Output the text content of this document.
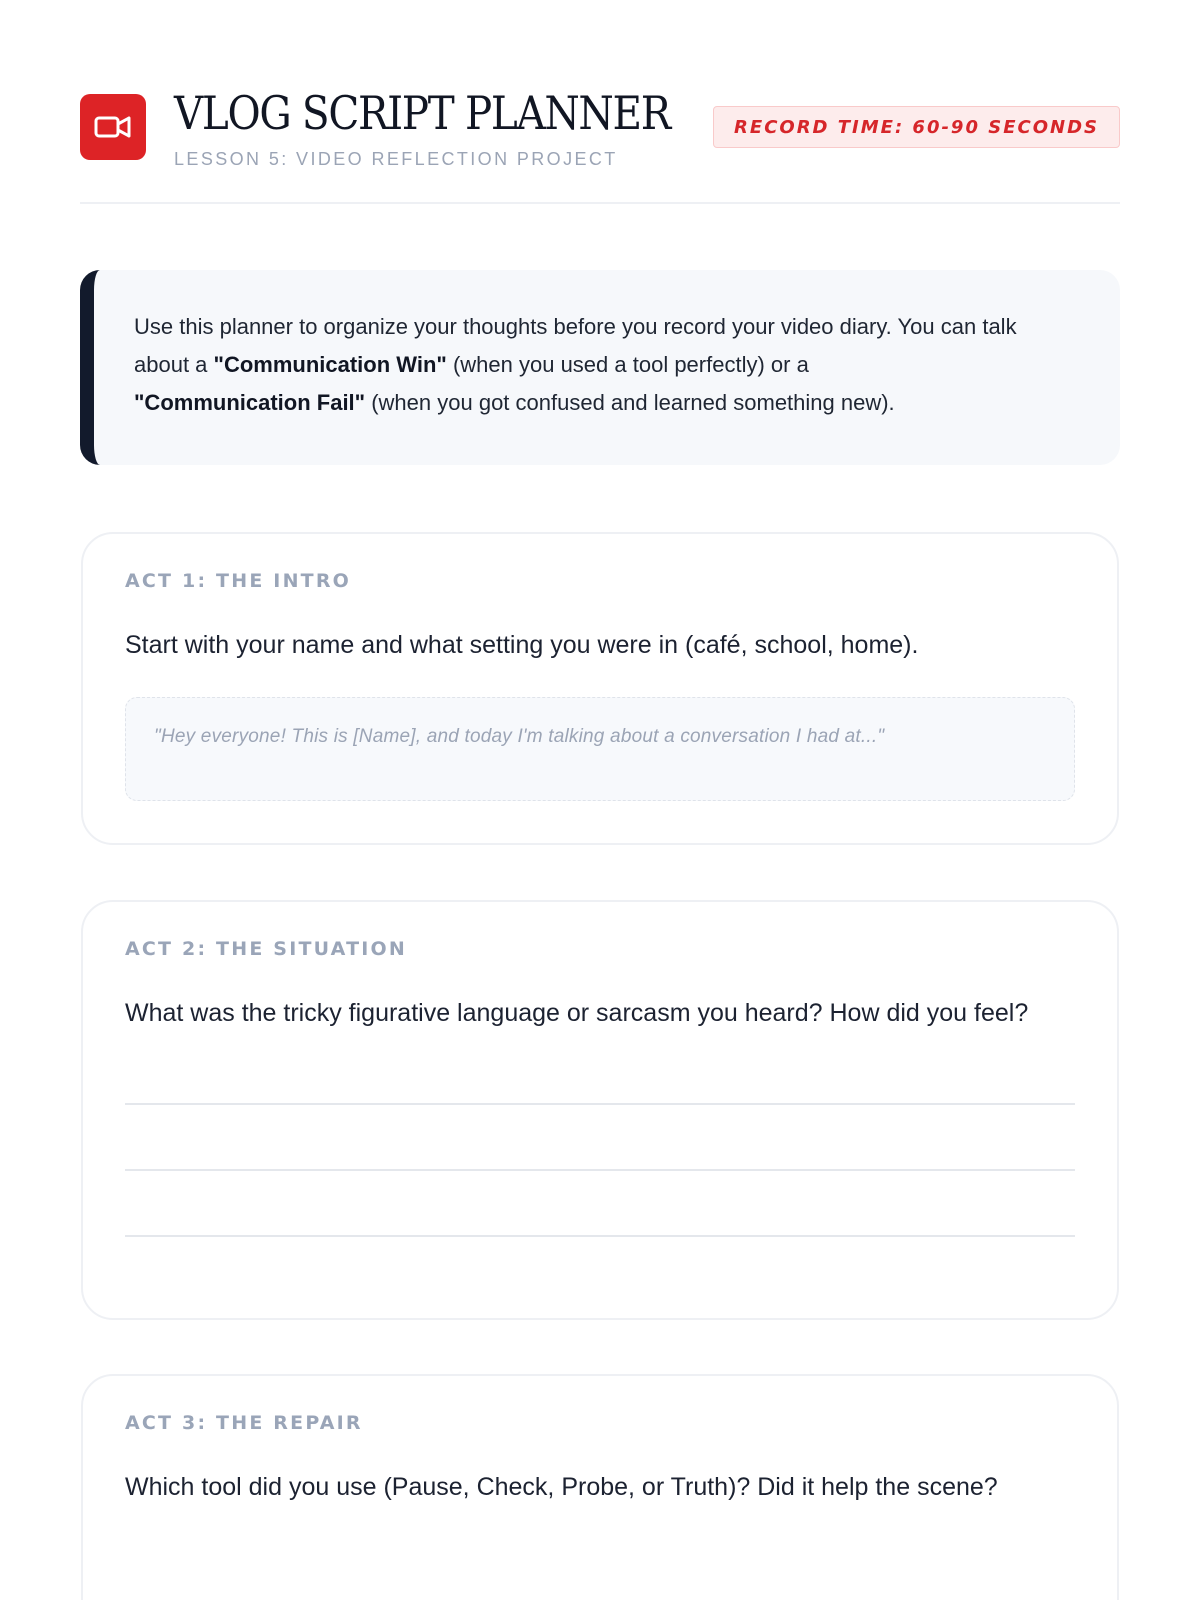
VLOG SCRIPT PLANNER
LESSON 5: VIDEO REFLECTION PROJECT
RECORD TIME: 60-90 SECONDS
Use this planner to organize your thoughts before you record your video diary. You can talk about a "Communication Win" (when you used a tool perfectly) or a
"Communication Fail" (when you got confused and learned something new).
ACT 1: THE INTRO
Start with your name and what setting you were in (café, school, home).
"Hey everyone! This is [Name], and today I'm talking about a conversation I had at..."
ACT 2: THE SITUATION
What was the tricky figurative language or sarcasm you heard? How did you feel?
ACT 3: THE REPAIR
Which tool did you use (Pause, Check, Probe, or Truth)? Did it help the scene?
